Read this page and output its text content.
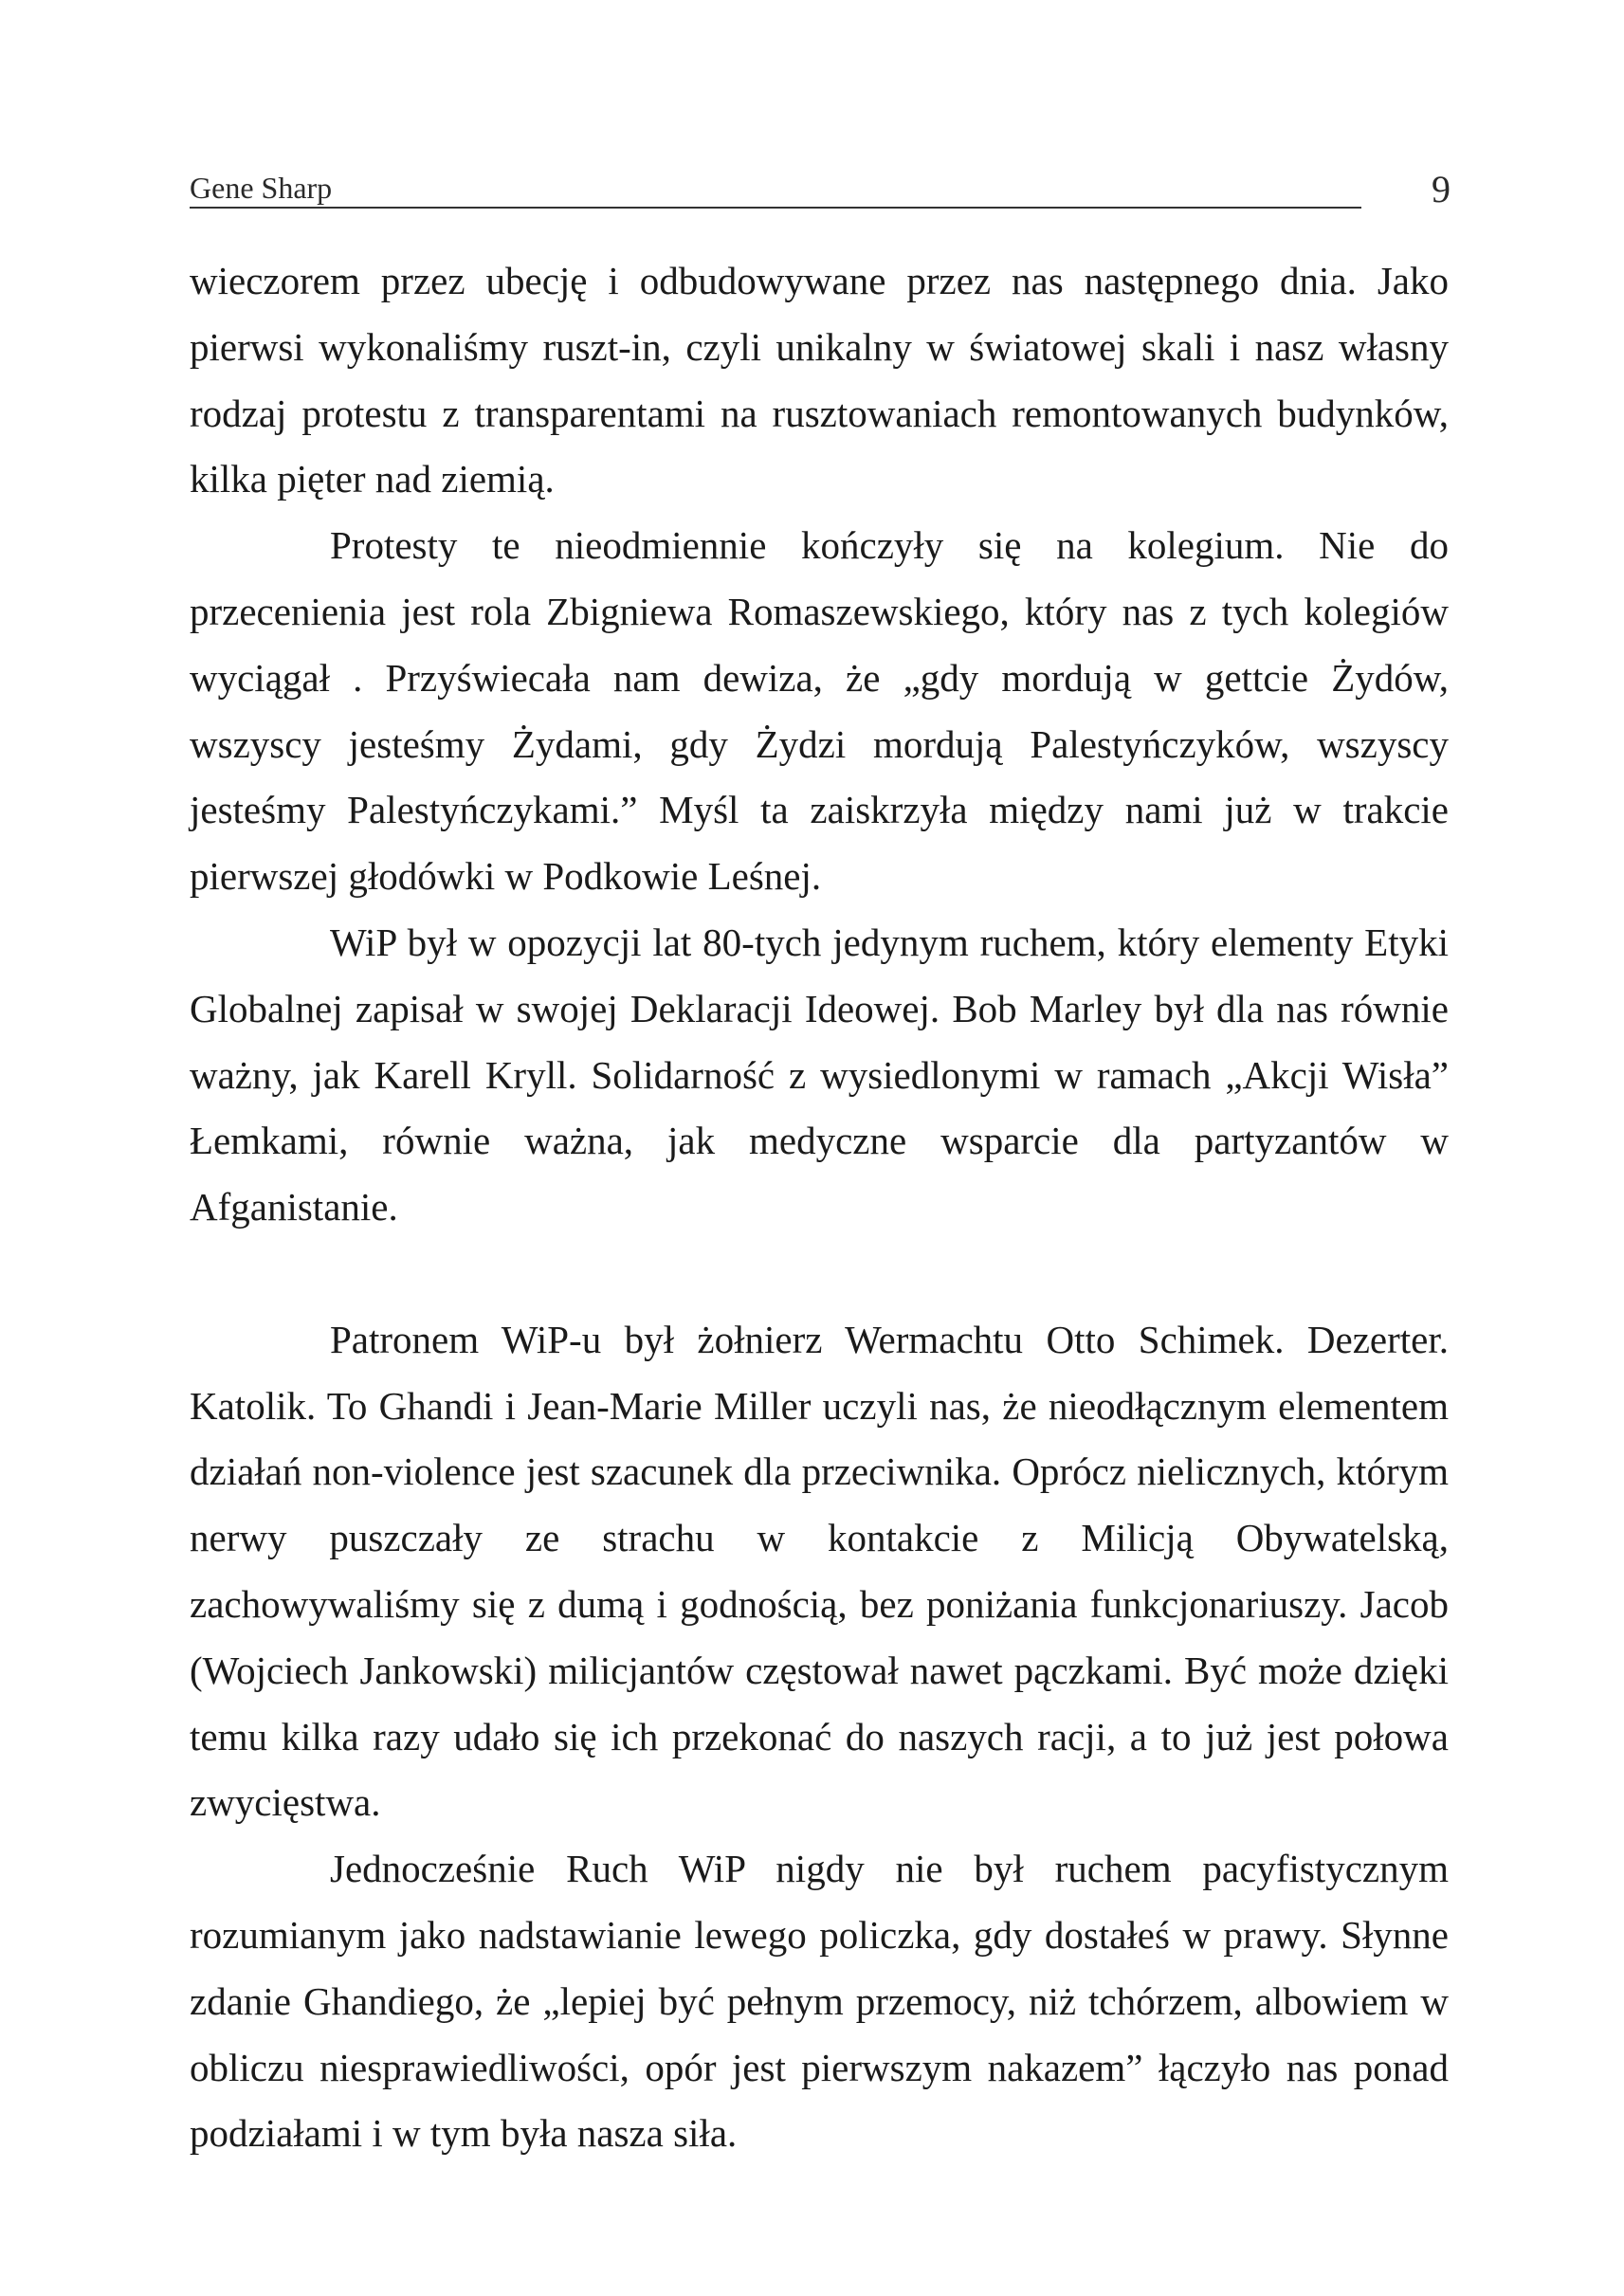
Gene Sharp	9

wieczorem przez ubecję i odbudowywane przez nas następnego dnia. Jako pierwsi wykonaliśmy ruszt-in, czyli unikalny w światowej skali i nasz własny rodzaj protestu z transparentami na rusztowaniach remontowanych budynków, kilka pięter nad ziemią.

Protesty te nieodmiennie kończyły się na kolegium. Nie do przecenienia jest rola Zbigniewa Romaszewskiego, który nas z tych kolegiów wyciągał . Przyświecała nam dewiza, że „gdy mordują w gettcie Żydów, wszyscy jesteśmy Żydami, gdy Żydzi mordują Palestyńczyków, wszyscy jesteśmy Palestyńczykami.” Myśl ta zaiskrzyła między nami już w trakcie pierwszej głodówki w Podkowie Leśnej.

WiP był w opozycji lat 80-tych jedynym ruchem, który elementy Etyki Globalnej zapisał w swojej Deklaracji Ideowej. Bob Marley był dla nas równie ważny, jak Karell Kryll. Solidarność z wysiedlonymi w ramach „Akcji Wisła” Łemkami, równie ważna, jak medyczne wsparcie dla partyzantów w Afganistanie.

Patronem WiP-u był żołnierz Wermachtu Otto Schimek. Dezerter. Katolik. To Ghandi i Jean-Marie Miller uczyli nas, że nieodłącznym elementem działań non-violence jest szacunek dla przeciwnika. Oprócz nielicznych, którym nerwy puszczały ze strachu w kontakcie z Milicją Obywatelską, zachowywaliśmy się z dumą i godnością, bez poniżania funkcjonariuszy. Jacob (Wojciech Jankowski) milicjantów częstował nawet pączkami. Być może dzięki temu kilka razy udało się ich przekonać do naszych racji, a to już jest połowa zwycięstwa.

Jednocześnie Ruch WiP nigdy nie był ruchem pacyfistycznym rozumianym jako nadstawianie lewego policzka, gdy dostałeś w prawy. Słynne zdanie Ghandiego, że „lepiej być pełnym przemocy, niż tchórzem, albowiem w obliczu niesprawiedliwości, opór jest pierwszym nakazem” łączyło nas ponad podziałami i w tym była nasza siła.
